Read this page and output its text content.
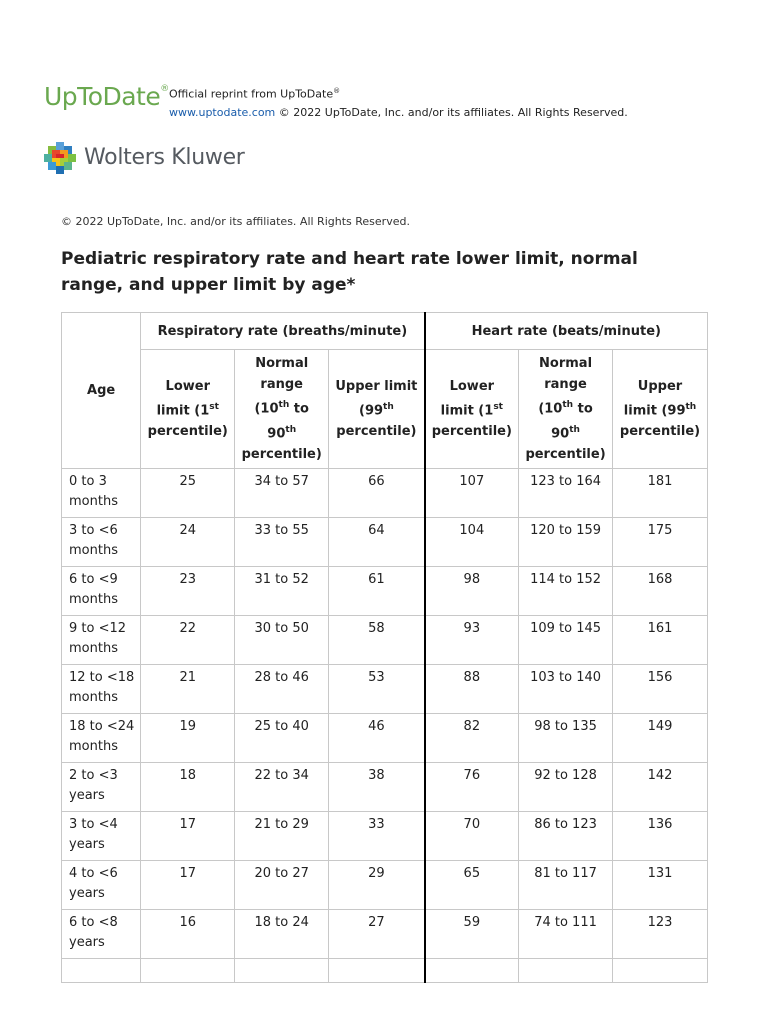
UpToDate® Official reprint from UpToDate®
www.uptodate.com © 2022 UpToDate, Inc. and/or its affiliates. All Rights Reserved.
Wolters Kluwer
© 2022 UpToDate, Inc. and/or its affiliates. All Rights Reserved.
Pediatric respiratory rate and heart rate lower limit, normal range, and upper limit by age*
Age	Respiratory rate (breaths/minute)			Heart rate (beats/minute)		
	Lower limit (1st percentile)	Normal range (10th to 90th percentile)	Upper limit (99th percentile)	Lower limit (1st percentile)	Normal range (10th to 90th percentile)	Upper limit (99th percentile)
0 to 3 months	25	34 to 57	66	107	123 to 164	181
3 to <6 months	24	33 to 55	64	104	120 to 159	175
6 to <9 months	23	31 to 52	61	98	114 to 152	168
9 to <12 months	22	30 to 50	58	93	109 to 145	161
12 to <18 months	21	28 to 46	53	88	103 to 140	156
18 to <24 months	19	25 to 40	46	82	98 to 135	149
2 to <3 years	18	22 to 34	38	76	92 to 128	142
3 to <4 years	17	21 to 29	33	70	86 to 123	136
4 to <6 years	17	20 to 27	29	65	81 to 117	131
6 to <8 years	16	18 to 24	27	59	74 to 111	123
